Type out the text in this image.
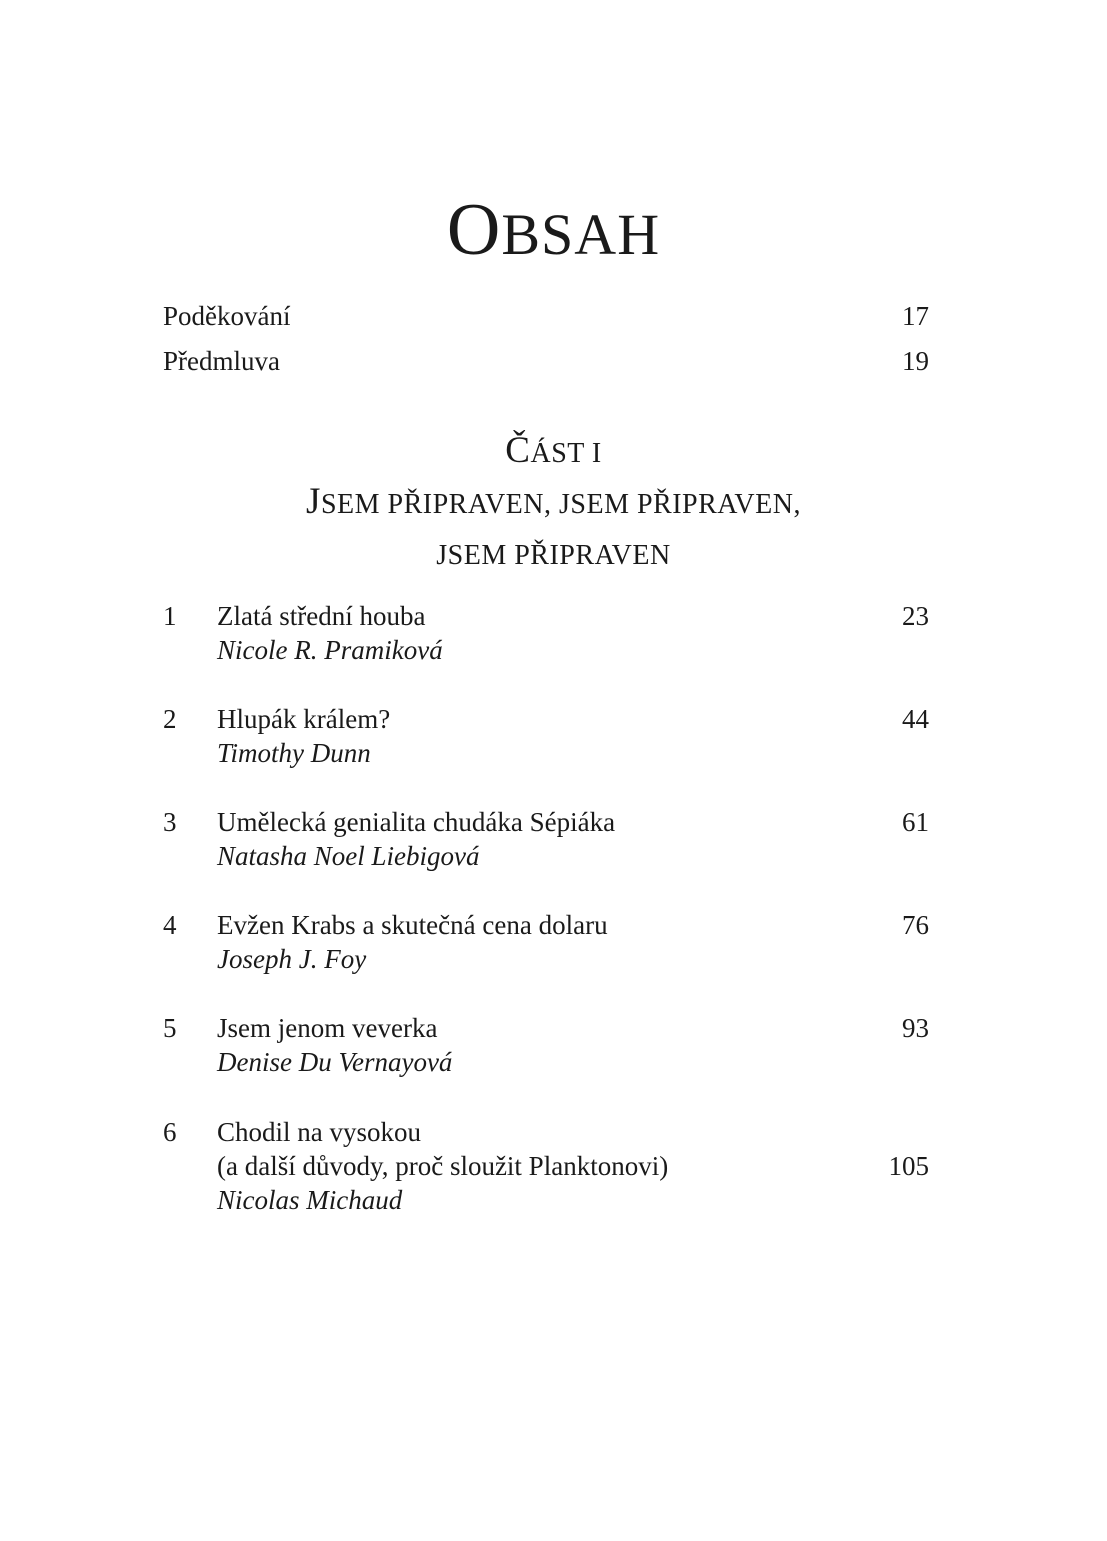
OBSAH
Poděkování	17
Předmluva	19
ČÁST I
JSEM PŘIPRAVEN, JSEM PŘIPRAVEN,
JSEM PŘIPRAVEN
1 Zlatá střední houba
Nicole R. Pramiková
23
2 Hlupák králem?
Timothy Dunn
44
3 Umělecká genialita chudáka Sépiáka
Natasha Noel Liebigová
61
4 Evžen Krabs a skutečná cena dolaru
Joseph J. Foy
76
5 Jsem jenom veverka
Denise Du Vernayová
93
6 Chodil na vysokou
(a další důvody, proč sloužit Planktonovi)
Nicolas Michaud
105
